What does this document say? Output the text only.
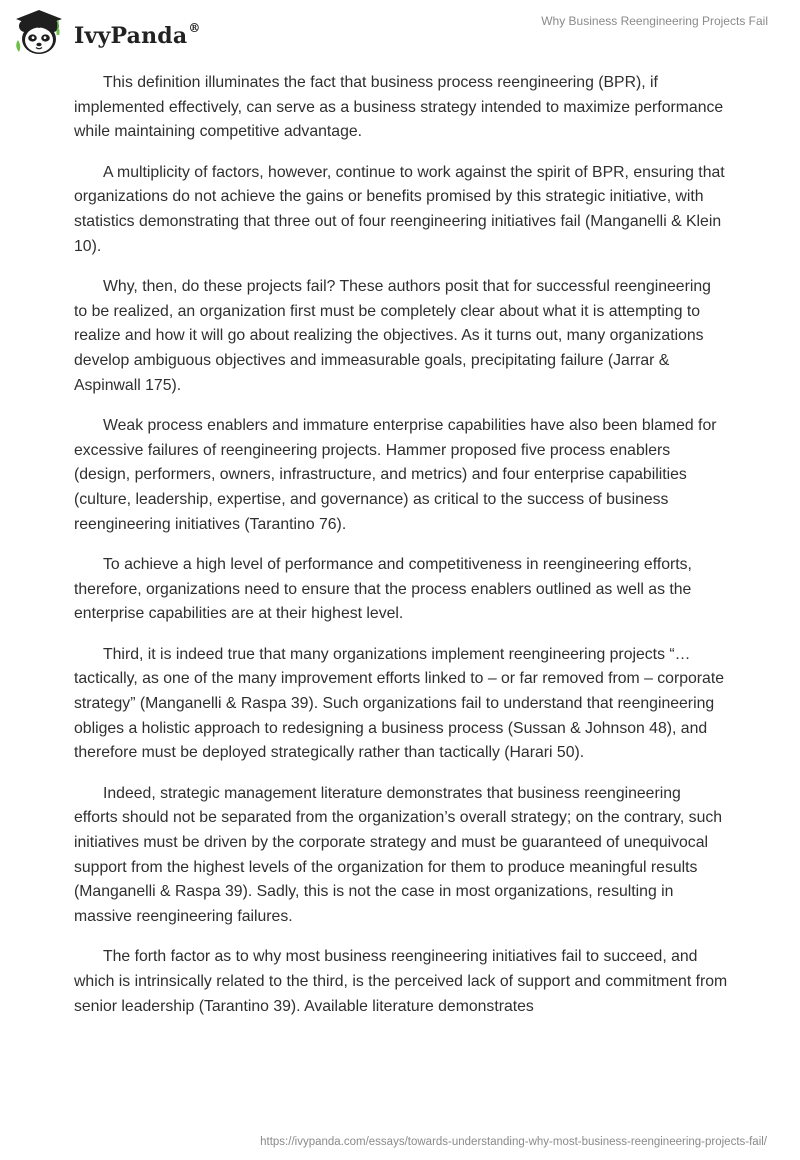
IvyPanda®	Why Business Reengineering Projects Fail

This definition illuminates the fact that business process reengineering (BPR), if implemented effectively, can serve as a business strategy intended to maximize performance while maintaining competitive advantage.

A multiplicity of factors, however, continue to work against the spirit of BPR, ensuring that organizations do not achieve the gains or benefits promised by this strategic initiative, with statistics demonstrating that three out of four reengineering initiatives fail (Manganelli & Klein 10).

Why, then, do these projects fail? These authors posit that for successful reengineering to be realized, an organization first must be completely clear about what it is attempting to realize and how it will go about realizing the objectives. As it turns out, many organizations develop ambiguous objectives and immeasurable goals, precipitating failure (Jarrar & Aspinwall 175).

Weak process enablers and immature enterprise capabilities have also been blamed for excessive failures of reengineering projects. Hammer proposed five process enablers (design, performers, owners, infrastructure, and metrics) and four enterprise capabilities (culture, leadership, expertise, and governance) as critical to the success of business reengineering initiatives (Tarantino 76).

To achieve a high level of performance and competitiveness in reengineering efforts, therefore, organizations need to ensure that the process enablers outlined as well as the enterprise capabilities are at their highest level.

Third, it is indeed true that many organizations implement reengineering projects “…tactically, as one of the many improvement efforts linked to – or far removed from – corporate strategy” (Manganelli & Raspa 39). Such organizations fail to understand that reengineering obliges a holistic approach to redesigning a business process (Sussan & Johnson 48), and therefore must be deployed strategically rather than tactically (Harari 50).

Indeed, strategic management literature demonstrates that business reengineering efforts should not be separated from the organization’s overall strategy; on the contrary, such initiatives must be driven by the corporate strategy and must be guaranteed of unequivocal support from the highest levels of the organization for them to produce meaningful results (Manganelli & Raspa 39). Sadly, this is not the case in most organizations, resulting in massive reengineering failures.

The forth factor as to why most business reengineering initiatives fail to succeed, and which is intrinsically related to the third, is the perceived lack of support and commitment from senior leadership (Tarantino 39). Available literature demonstrates

https://ivypanda.com/essays/towards-understanding-why-most-business-reengineering-projects-fail/
